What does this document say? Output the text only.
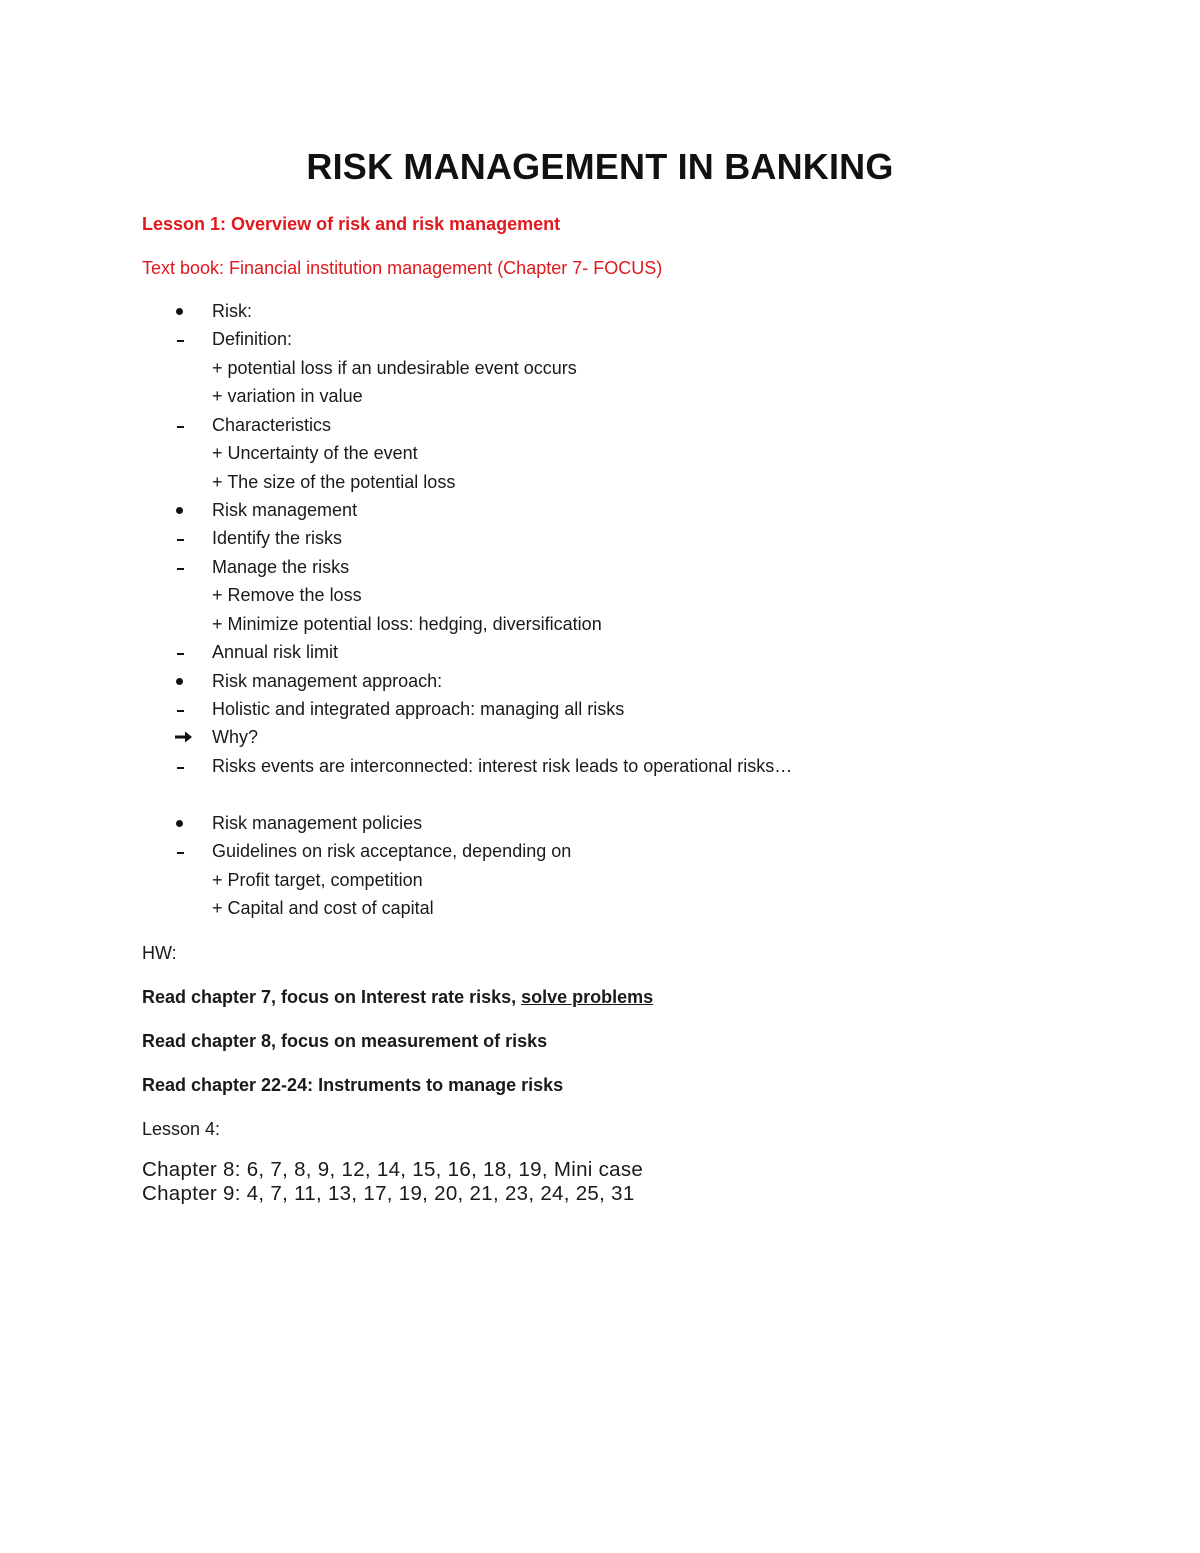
RISK MANAGEMENT IN BANKING
Lesson 1: Overview of risk and risk management
Text book: Financial institution management (Chapter 7- FOCUS)
Risk:
Definition:
+ potential loss if an undesirable event occurs
+ variation in value
Characteristics
+ Uncertainty of the event
+ The size of the potential loss
Risk management
Identify the risks
Manage the risks
+ Remove the loss
+ Minimize potential loss: hedging, diversification
Annual risk limit
Risk management approach:
Holistic and integrated approach: managing all risks
Why?
Risks events are interconnected: interest risk leads to operational risks…
Risk management policies
Guidelines on risk acceptance, depending on
+ Profit target, competition
+ Capital and cost of capital
HW:
Read chapter 7, focus on Interest rate risks, solve problems
Read chapter 8, focus on measurement of risks
Read chapter 22-24: Instruments to manage risks
Lesson 4:
Chapter 8: 6, 7, 8, 9, 12, 14, 15, 16, 18, 19, Mini case
Chapter 9: 4, 7, 11, 13, 17, 19, 20, 21, 23, 24, 25, 31
